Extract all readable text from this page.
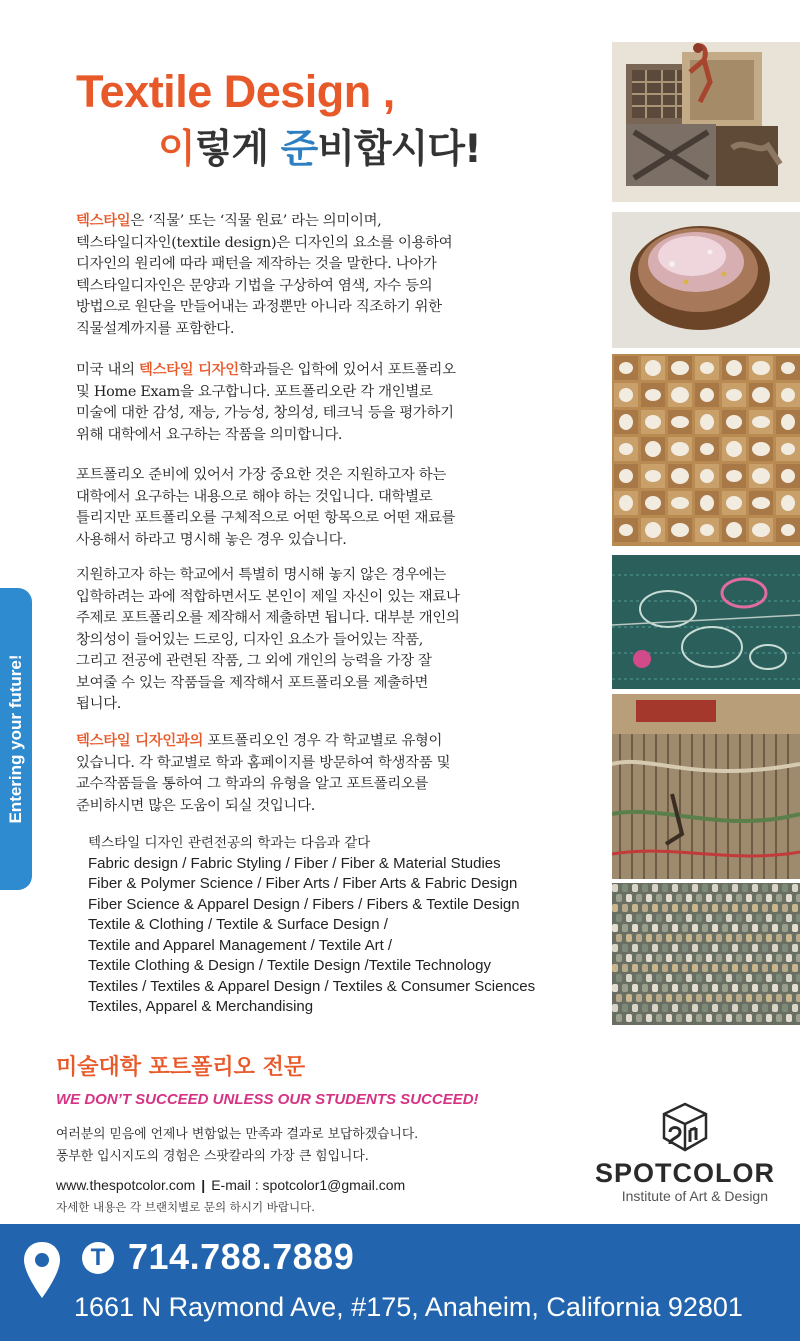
Textile Design ,
이렇게 준비합시다!
텍스타일은 ‘직물’ 또는 ‘직물 원료’ 라는 의미이며,
텍스타일디자인(textile design)은 디자인의 요소를 이용하여
디자인의 원리에 따라 패턴을 제작하는 것을 말한다. 나아가
텍스타일디자인은 문양과 기법을 구상하여 염색, 자수 등의
방법으로 원단을 만들어내는 과정뿐만 아니라 직조하기 위한
직물설계까지를 포함한다.
미국 내의 텍스타일 디자인학과들은 입학에 있어서 포트폴리오
및 Home Exam을 요구합니다. 포트폴리오란 각 개인별로
미술에 대한 감성, 재능, 가능성, 창의성, 테크닉 등을 평가하기
위해 대학에서 요구하는 작품을 의미합니다.
포트폴리오 준비에 있어서 가장 중요한 것은 지원하고자 하는
대학에서 요구하는 내용으로 해야 하는 것입니다. 대학별로
틀리지만 포트폴리오를 구체적으로 어떤 항목으로 어떤 재료를
사용해서 하라고 명시해 놓은 경우 있습니다.
지원하고자 하는 학교에서 특별히 명시해 놓지 않은 경우에는
입학하려는 과에 적합하면서도 본인이 제일 자신이 있는 재료나
주제로 포트폴리오를 제작해서 제출하면 됩니다. 대부분 개인의
창의성이 들어있는 드로잉, 디자인 요소가 들어있는 작품,
그리고 전공에 관련된 작품, 그 외에 개인의 능력을 가장 잘
보여줄 수 있는 작품들을 제작해서 포트폴리오를 제출하면
됩니다.
텍스타일 디자인과의 포트폴리오인 경우 각 학교별로 유형이
있습니다. 각 학교별로 학과 홈페이지를 방문하여 학생작품 및
교수작품들을 통하여 그 학과의 유형을 알고 포트폴리오를
준비하시면 많은 도움이 되실 것입니다.
텍스타일 디자인 관련전공의 학과는 다음과 같다
Fabric design / Fabric Styling / Fiber / Fiber & Material Studies
Fiber & Polymer Science / Fiber Arts / Fiber Arts & Fabric Design
Fiber Science & Apparel Design / Fibers / Fibers & Textile Design
Textile & Clothing / Textile & Surface Design /
Textile and Apparel Management / Textile Art /
Textile Clothing & Design / Textile Design /Textile Technology
Textiles / Textiles & Apparel Design / Textiles & Consumer Sciences
Textiles, Apparel & Merchandising
Entering your future!
미술대학 포트폴리오 전문
WE DON’T SUCCEED UNLESS OUR STUDENTS SUCCEED!
여러분의 믿음에 언제나 변함없는 만족과 결과로 보답하겠습니다.
풍부한 입시지도의 경험은 스팟칼라의 가장 큰 힘입니다.
www.thespotcolor.com | E-mail : spotcolor1@gmail.com
자세한 내용은 각 브랜치별로 문의 하시기 바랍니다.
SPOTCOLOR
Institute of Art & Design
T 714.788.7889
1661 N Raymond Ave, #175, Anaheim, California 92801
